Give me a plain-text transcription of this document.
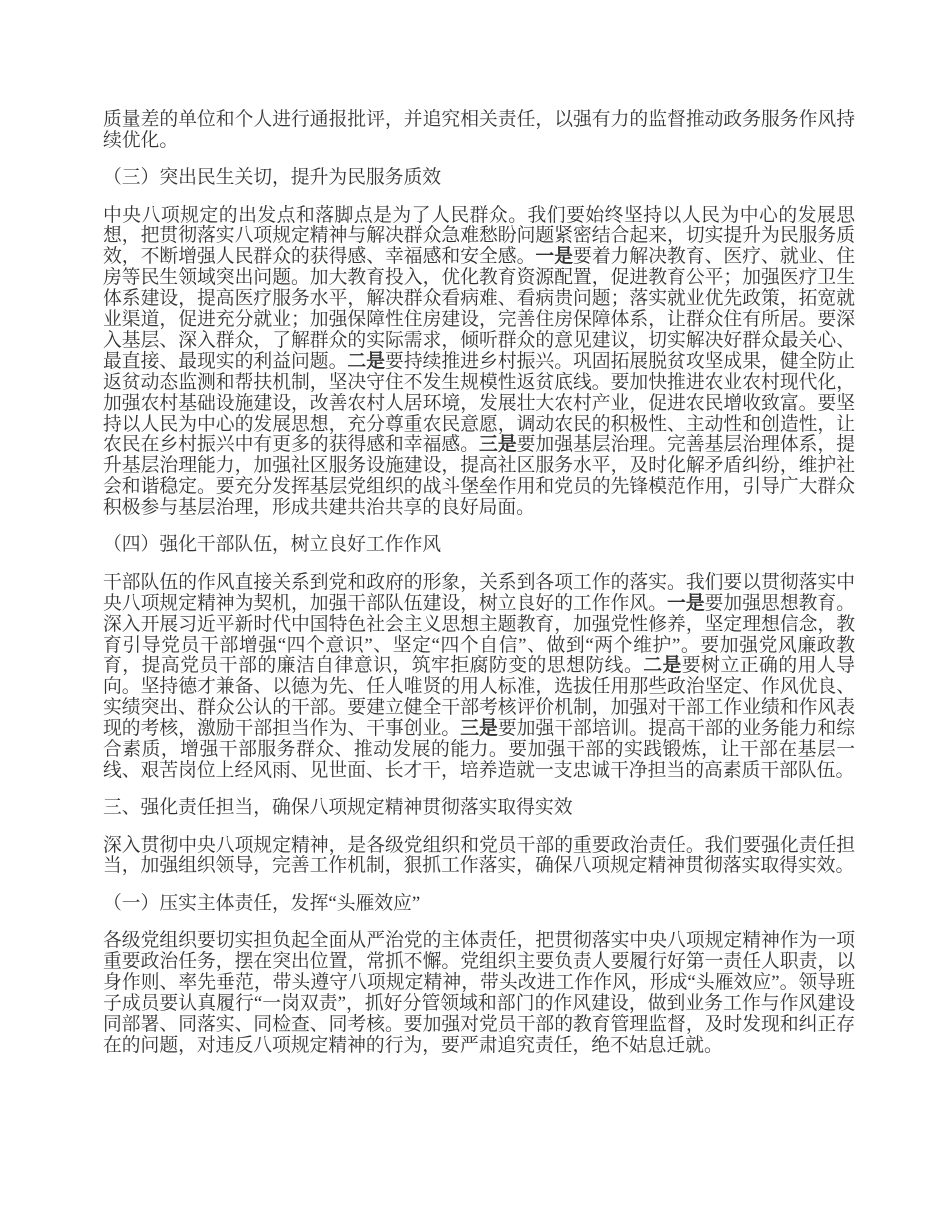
质量差的单位和个人进行通报批评，并追究相关责任，以强有力的监督推动政务服务作风持续优化。

（三）突出民生关切，提升为民服务质效

中央八项规定的出发点和落脚点是为了人民群众。我们要始终坚持以人民为中心的发展思想，把贯彻落实八项规定精神与解决群众急难愁盼问题紧密结合起来，切实提升为民服务质效，不断增强人民群众的获得感、幸福感和安全感。一是要着力解决教育、医疗、就业、住房等民生领域突出问题。加大教育投入，优化教育资源配置，促进教育公平；加强医疗卫生体系建设，提高医疗服务水平，解决群众看病难、看病贵问题；落实就业优先政策，拓宽就业渠道，促进充分就业；加强保障性住房建设，完善住房保障体系，让群众住有所居。要深入基层、深入群众，了解群众的实际需求，倾听群众的意见建议，切实解决好群众最关心、最直接、最现实的利益问题。二是要持续推进乡村振兴。巩固拓展脱贫攻坚成果，健全防止返贫动态监测和帮扶机制，坚决守住不发生规模性返贫底线。要加快推进农业农村现代化，加强农村基础设施建设，改善农村人居环境，发展壮大农村产业，促进农民增收致富。要坚持以人民为中心的发展思想，充分尊重农民意愿，调动农民的积极性、主动性和创造性，让农民在乡村振兴中有更多的获得感和幸福感。三是要加强基层治理。完善基层治理体系，提升基层治理能力，加强社区服务设施建设，提高社区服务水平，及时化解矛盾纠纷，维护社会和谐稳定。要充分发挥基层党组织的战斗堡垒作用和党员的先锋模范作用，引导广大群众积极参与基层治理，形成共建共治共享的良好局面。

（四）强化干部队伍，树立良好工作作风

干部队伍的作风直接关系到党和政府的形象，关系到各项工作的落实。我们要以贯彻落实中央八项规定精神为契机，加强干部队伍建设，树立良好的工作作风。一是要加强思想教育。深入开展习近平新时代中国特色社会主义思想主题教育，加强党性修养，坚定理想信念，教育引导党员干部增强“四个意识”、坚定“四个自信”、做到“两个维护”。要加强党风廉政教育，提高党员干部的廉洁自律意识，筑牢拒腐防变的思想防线。二是要树立正确的用人导向。坚持德才兼备、以德为先、任人唯贤的用人标准，选拔任用那些政治坚定、作风优良、实绩突出、群众公认的干部。要建立健全干部考核评价机制，加强对干部工作业绩和作风表现的考核，激励干部担当作为、干事创业。三是要加强干部培训。提高干部的业务能力和综合素质，增强干部服务群众、推动发展的能力。要加强干部的实践锻炼，让干部在基层一线、艰苦岗位上经风雨、见世面、长才干，培养造就一支忠诚干净担当的高素质干部队伍。

三、强化责任担当，确保八项规定精神贯彻落实取得实效

深入贯彻中央八项规定精神，是各级党组织和党员干部的重要政治责任。我们要强化责任担当，加强组织领导，完善工作机制，狠抓工作落实，确保八项规定精神贯彻落实取得实效。

（一）压实主体责任，发挥“头雁效应”

各级党组织要切实担负起全面从严治党的主体责任，把贯彻落实中央八项规定精神作为一项重要政治任务，摆在突出位置，常抓不懈。党组织主要负责人要履行好第一责任人职责，以身作则、率先垂范，带头遵守八项规定精神，带头改进工作作风，形成“头雁效应”。领导班子成员要认真履行“一岗双责”，抓好分管领域和部门的作风建设，做到业务工作与作风建设同部署、同落实、同检查、同考核。要加强对党员干部的教育管理监督，及时发现和纠正存在的问题，对违反八项规定精神的行为，要严肃追究责任，绝不姑息迁就。
